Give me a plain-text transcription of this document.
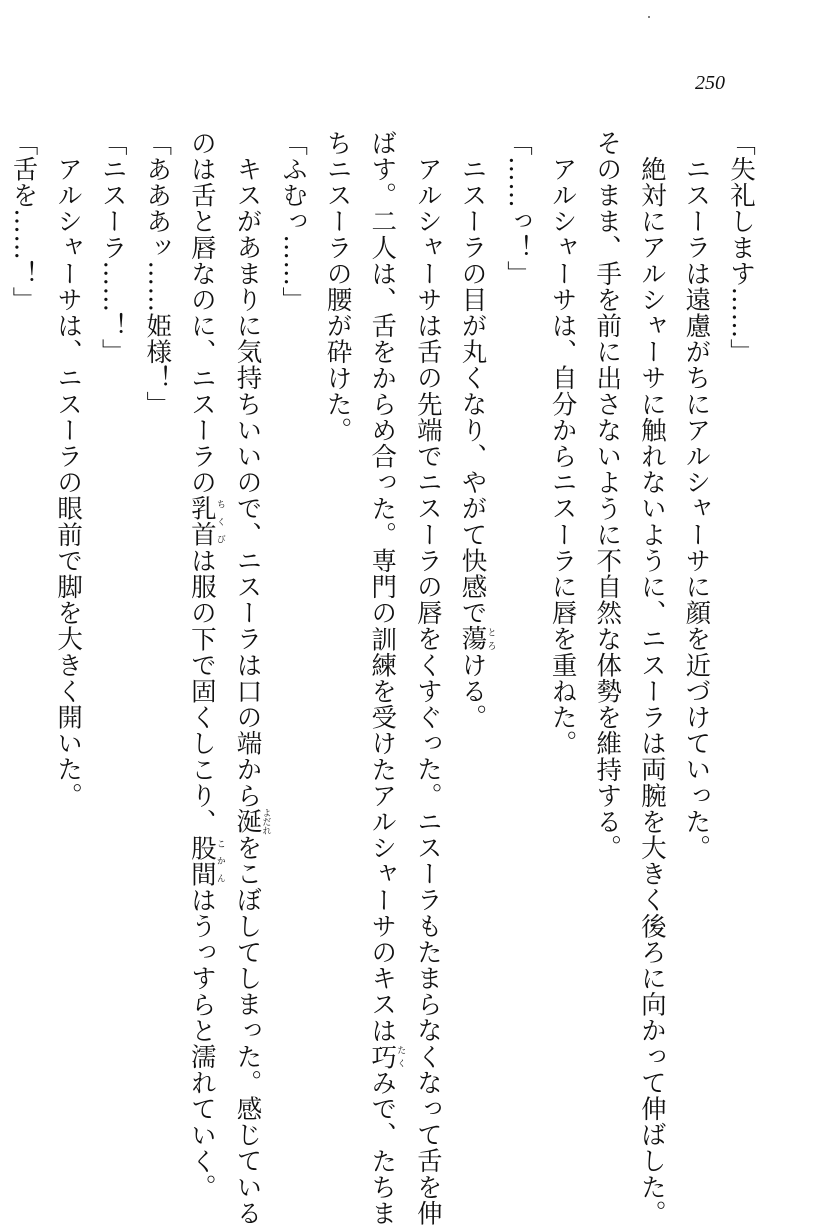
250
「失礼します……」
ニスーラは遠慮がちにアルシャーサに顔を近づけていった。
絶対にアルシャーサに触れないように、ニスーラは両腕を大きく後ろに向かって伸ばした。
そのまま、手を前に出さないように不自然な体勢を維持する。
アルシャーサは、自分からニスーラに唇を重ねた。
「……っ！」
ニスーラの目が丸くなり、やがて快感で蕩とろける。
アルシャーサは舌の先端でニスーラの唇をくすぐった。ニスーラもたまらなくなって舌を伸
ばす。二人は、舌をからめ合った。専門の訓練を受けたアルシャーサのキスは巧たくみで、たちま
ちニスーラの腰が砕けた。
「ふむっ……」
キスがあまりに気持ちいいので、ニスーラは口の端から涎よだれをこぼしてしまった。感じている
のは舌と唇なのに、ニスーラの乳首ちくびは服の下で固くしこり、股間こかんはうっすらと濡れていく。
「あああッ……姫様！」
「ニスーラ……！」
アルシャーサは、ニスーラの眼前で脚を大きく開いた。
「舌を……！」
